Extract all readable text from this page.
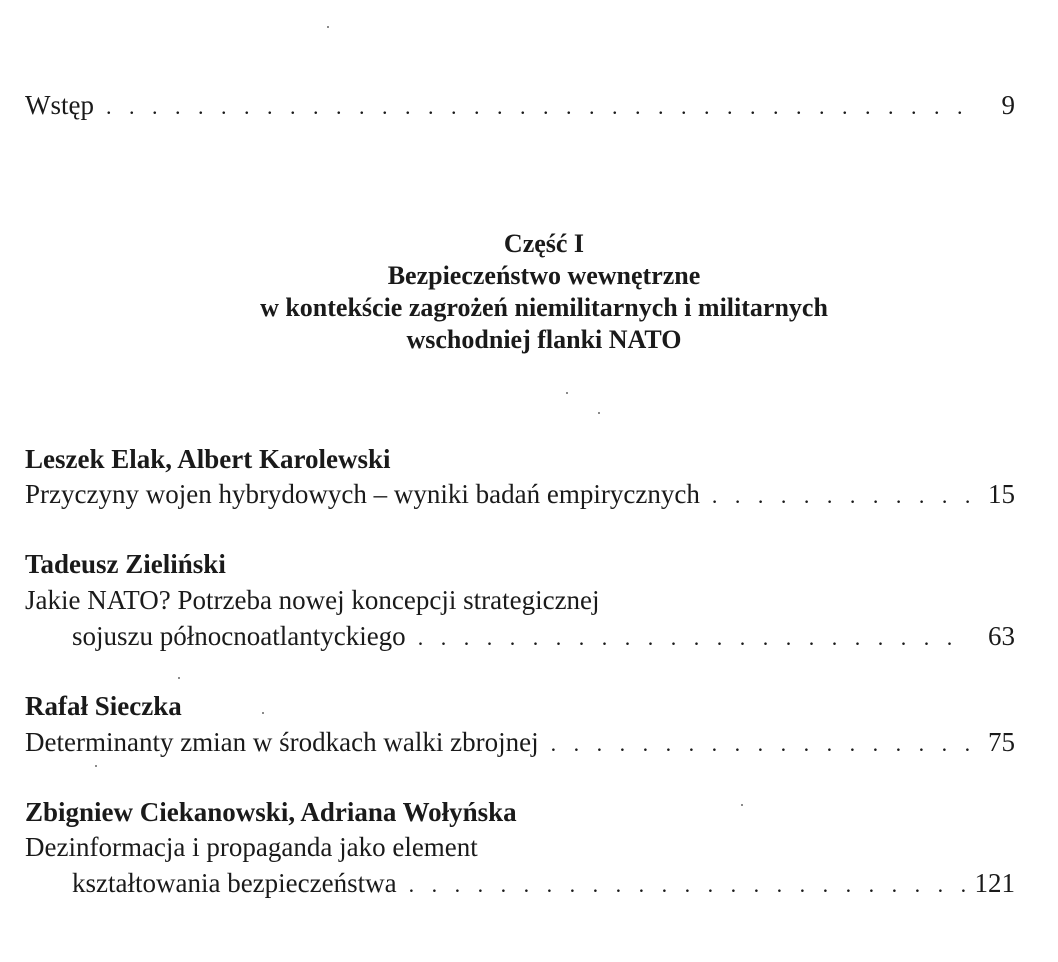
Wstęp . . .	9
Część I
Bezpieczeństwo wewnętrzne
w kontekście zagrożeń niemilitarnych i militarnych
wschodniej flanki NATO
Leszek Elak, Albert Karolewski
Przyczyny wojen hybrydowych – wyniki badań empirycznych . . .	15
Tadeusz Zieliński
Jakie NATO? Potrzeba nowej koncepcji strategicznej
sojuszu północnoatlantyckiego . . .	63
Rafał Sieczka
Determinanty zmian w środkach walki zbrojnej . . .	75
Zbigniew Ciekanowski, Adriana Wołyńska
Dezinformacja i propaganda jako element
kształtowania bezpieczeństwa . . .	121
